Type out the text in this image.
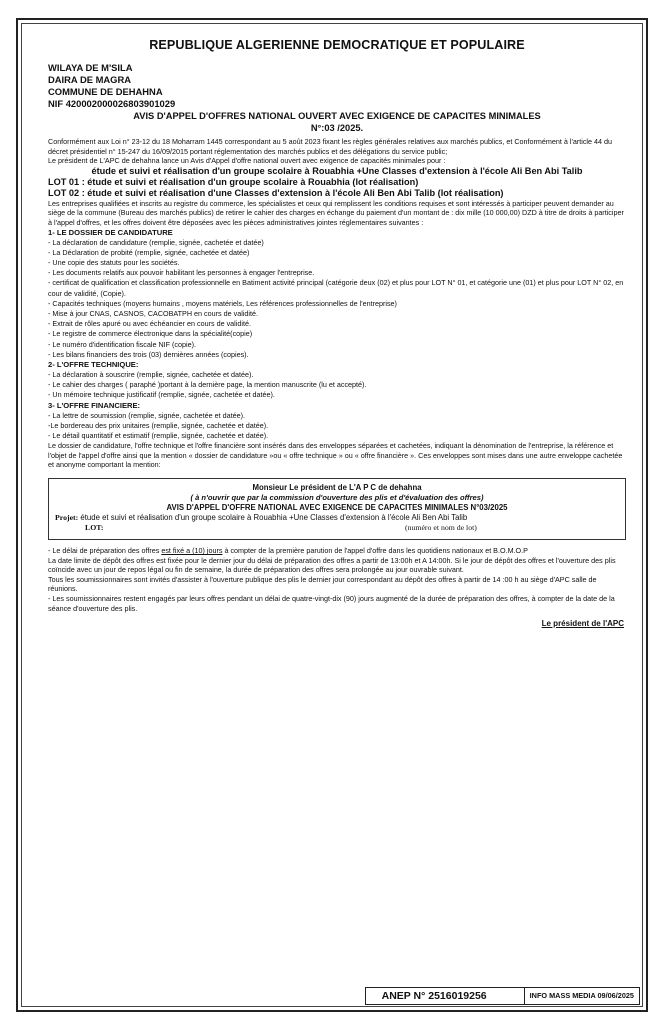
REPUBLIQUE ALGERIENNE DEMOCRATIQUE ET POPULAIRE
WILAYA DE M'SILA
DAIRA DE MAGRA
COMMUNE DE DEHAHNA
NIF 420002000026803901029
AVIS D'APPEL D'OFFRES NATIONAL OUVERT AVEC EXIGENCE DE CAPACITES MINIMALES
N°:03 /2025.

Conformément aux Loi n° 23-12 du 18 Moharram 1445 correspondant au 5 août 2023 fixant les règles générales relatives aux marchés publics, et Conformément à l'article 44 du décret présidentiel n° 15-247 du 16/09/2015 portant réglementation des marchés publics et des délégations du service public;

Le président de L'APC de dehahna lance un Avis d'Appel d'offre national ouvert avec exigence de capacités minimales pour :

étude et suivi et réalisation d'un groupe scolaire à Rouabhia +Une Classes d'extension à l'école Ali Ben Abi Talib

LOT 01 : étude et suivi et réalisation d'un groupe scolaire à Rouabhia (lot réalisation)

LOT 02 : étude et suivi et réalisation d'une Classes d'extension à l'école Ali Ben Abi Talib (lot réalisation)

Les entreprises qualifiées et inscrits au registre du commerce, les spécialistes et ceux qui remplissent les conditions requises et sont intéressés à participer peuvent demander au siège de la commune (Bureau des marchés publics) de retirer le cahier des charges en échange du paiement d'un montant de : dix mille (10 000,00) DZD à titre de droits à participer à l'appel d'offres, et les offres doivent être déposées avec les pièces administratives jointes réglementaires suivantes :

1- LE DOSSIER DE CANDIDATURE
- La déclaration de candidature (remplie, signée, cachetée et datée)
- La Déclaration de probité (remplie, signée, cachetée et datée)
- Une copie des statuts pour les sociétés.
- Les documents relatifs aux pouvoir habilitant les personnes à engager l'entreprise.
- certificat de qualification et classification professionnelle en Batiment activité principal (catégorie deux (02) et plus pour LOT N° 01, et catégorie une (01) et plus pour LOT N° 02, en cour de validité, (Copie).
- Capacités techniques (moyens humains , moyens matériels, Les références professionnelles de l'entreprise)
- Mise à jour CNAS, CASNOS, CACOBATPH en cours de validité.
- Extrait de rôles apuré ou avec échéancier en cours de validité.
- Le registre de commerce électronique dans la spécialité(copie)
- Le numéro d'identification fiscale NIF (copie).
- Les bilans financiers des trois (03) dernières années (copies).
2- L'OFFRE TECHNIQUE:
- La déclaration à souscrire (remplie, signée, cachetée et datée).
- Le cahier des charges ( paraphé )portant à la dernière page, la mention manuscrite (lu et accepté).
- Un mémoire technique justificatif (remplie, signée, cachetée et datée).
3- L'OFFRE FINANCIERE:
- La lettre de soumission (remplie, signée, cachetée et datée).
-Le bordereau des prix unitaires (remplie, signée, cachetée et datée).
- Le détail quantitatif et estimatif (remplie, signée, cachetée et datée).

Le dossier de candidature, l'offre technique et l'offre financière sont insérés dans des enveloppes séparées et cachetées, indiquant la dénomination de l'entreprise, la référence et l'objet de l'appel d'offre ainsi que la mention « dossier de candidature »ou « offre technique » ou « offre financière ». Ces enveloppes sont mises dans une autre enveloppe cachetée et anonyme comportant la mention:

Monsieur Le président de L'A P C de dehahna
( à n'ouvrir que par la commission d'ouverture des plis et d'évaluation des offres)
AVIS D'APPEL D'OFFRE NATIONAL AVEC EXIGENCE DE CAPACITES MINIMALES N°03/2025
Projet: étude et suivi et réalisation d'un groupe scolaire à Rouabhia +Une Classes d'extension à l'école Ali Ben Abi Talib
LOT:	(numéro et nom de lot)

- Le délai de préparation des offres est fixé a (10) jours à compter de la première parution de l'appel d'offre dans les quotidiens nationaux et B.O.M.O.P

La date limite de dépôt des offres est fixée pour le dernier jour du délai de préparation des offres a partir de 13:00h et A 14:00h. Si le jour de dépôt des offres et l'ouverture des plis coïncide avec un jour de repos légal ou fin de semaine, la durée de préparation des offres sera prolongée au jour ouvrable suivant.

Tous les soumissionnaires sont invités d'assister à l'ouverture publique des plis le dernier jour correspondant au dépôt des offres à partir de 14 :00 h au siège d'APC salle de réunions.

- Les soumissionnaires restent engagés par leurs offres pendant un délai de quatre-vingt-dix (90) jours augmenté de la durée de préparation des offres, à compter de la date de la séance d'ouverture des plis.

Le président de l'APC
ANEP N° 2516019256	INFO MASS MEDIA 09/06/2025
